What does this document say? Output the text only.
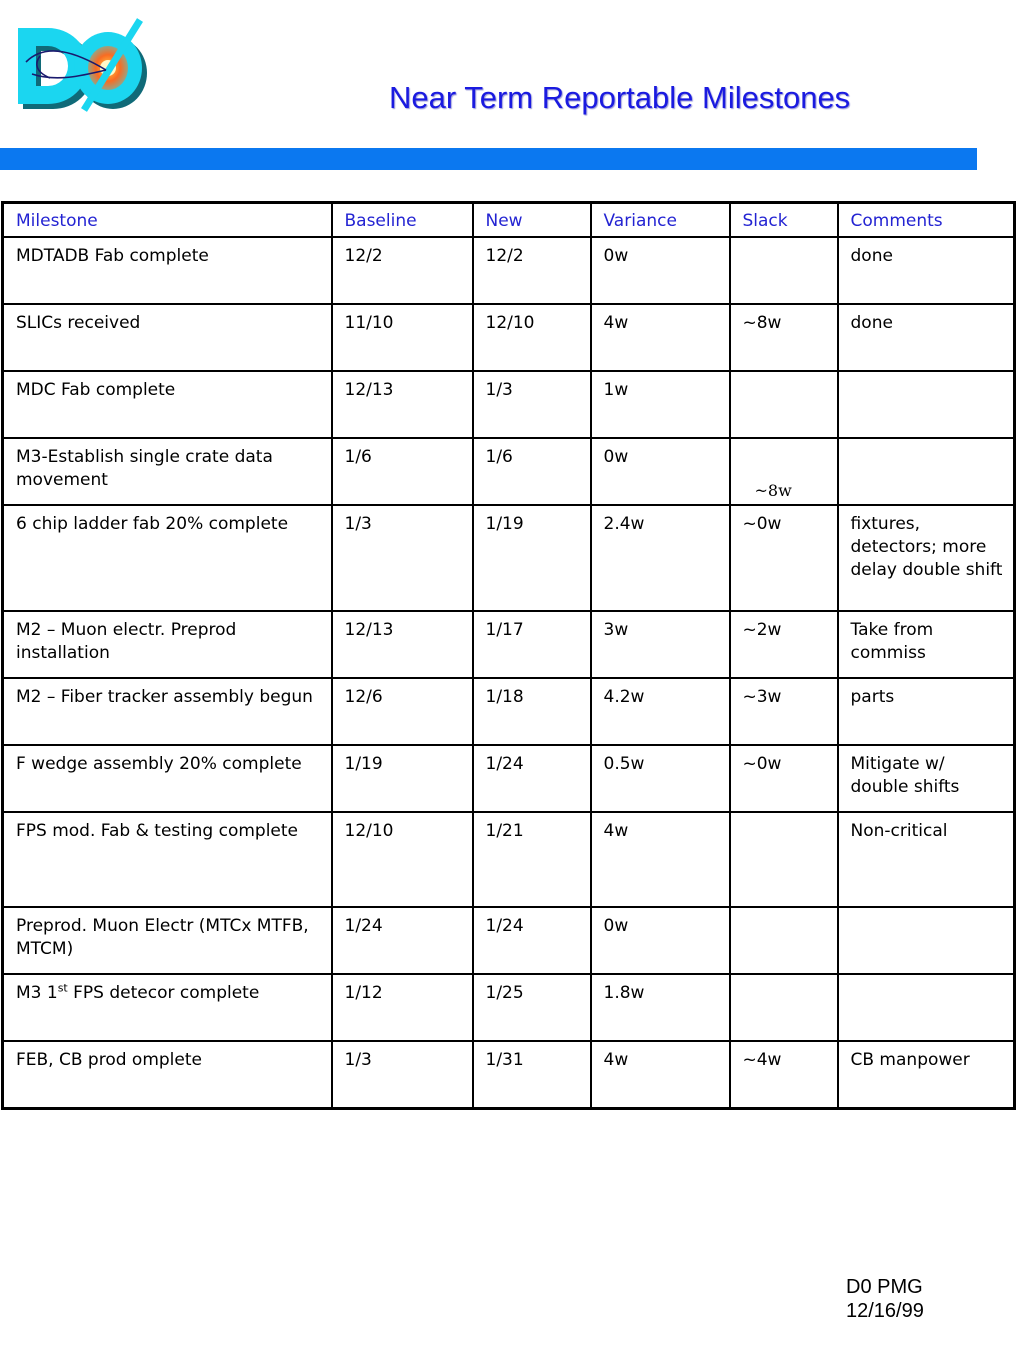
Near Term Reportable Milestones
Milestone	Baseline	New	Variance	Slack	Comments
MDTADB Fab complete	12/2	12/2	0w		done
SLICs received	11/10	12/10	4w	~8w	done
MDC Fab complete	12/13	1/3	1w		
M3-Establish single crate data movement	1/6	1/6	0w	~8w	

6 chip ladder fab 20% complete	1/3	1/19	2.4w	~0w	fixtures, detectors; more delay double shift
M2 – Muon electr. Preprod installation	12/13	1/17	3w	~2w	Take from commiss
M2 – Fiber tracker assembly begun	12/6	1/18	4.2w	~3w	parts
F wedge assembly 20% complete	1/19	1/24	0.5w	~0w	Mitigate w/ double shifts
FPS mod. Fab & testing complete	12/10	1/21	4w		Non-critical
Preprod. Muon Electr (MTCx MTFB, MTCM)	1/24	1/24	0w		
M3 1st FPS detecor complete	1/12	1/25	1.8w		
FEB, CB prod omplete	1/3	1/31	4w	~4w	CB manpower
D0 PMG
12/16/99
